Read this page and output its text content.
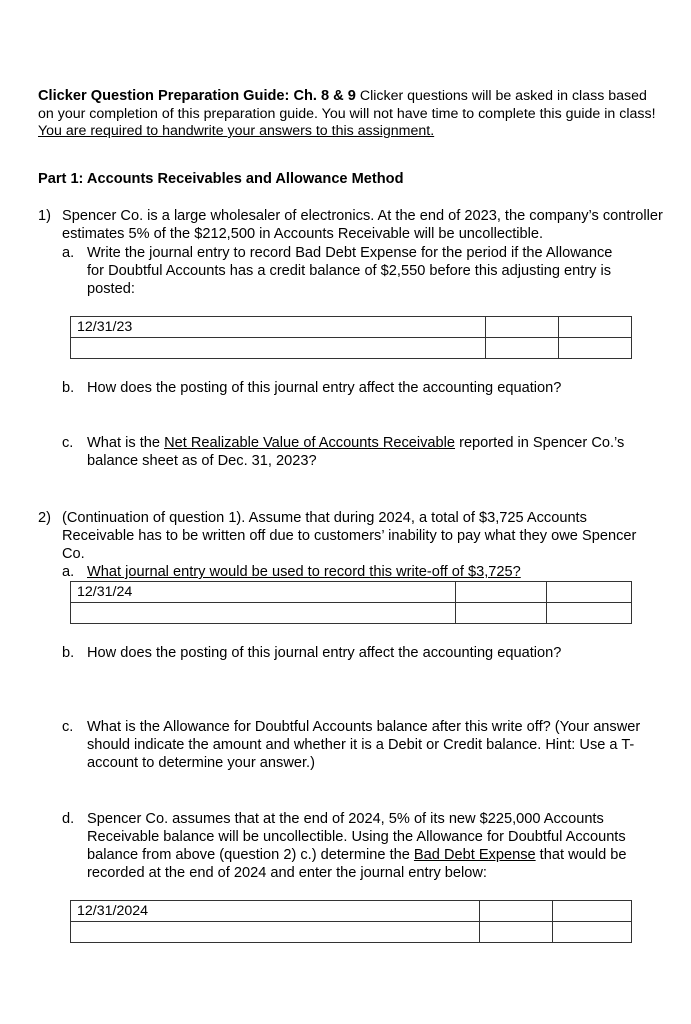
Clicker Question Preparation Guide: Ch. 8 & 9 Clicker questions will be asked in class based on your completion of this preparation guide. You will not have time to complete this guide in class! You are required to handwrite your answers to this assignment.
Part 1: Accounts Receivables and Allowance Method
1) Spencer Co. is a large wholesaler of electronics. At the end of 2023, the company’s controller estimates 5% of the $212,500 in Accounts Receivable will be uncollectible.
a. Write the journal entry to record Bad Debt Expense for the period if the Allowance for Doubtful Accounts has a credit balance of $2,550 before this adjusting entry is posted:
12/31/23		

b. How does the posting of this journal entry affect the accounting equation?
c. What is the Net Realizable Value of Accounts Receivable reported in Spencer Co.’s balance sheet as of Dec. 31, 2023?
2) (Continuation of question 1). Assume that during 2024, a total of $3,725 Accounts Receivable has to be written off due to customers’ inability to pay what they owe Spencer Co.
a. What journal entry would be used to record this write-off of $3,725?
12/31/24		

b. How does the posting of this journal entry affect the accounting equation?
c. What is the Allowance for Doubtful Accounts balance after this write off? (Your answer should indicate the amount and whether it is a Debit or Credit balance. Hint: Use a T-account to determine your answer.)
d. Spencer Co. assumes that at the end of 2024, 5% of its new $225,000 Accounts Receivable balance will be uncollectible. Using the Allowance for Doubtful Accounts balance from above (question 2) c.) determine the Bad Debt Expense that would be recorded at the end of 2024 and enter the journal entry below:
12/31/2024		
